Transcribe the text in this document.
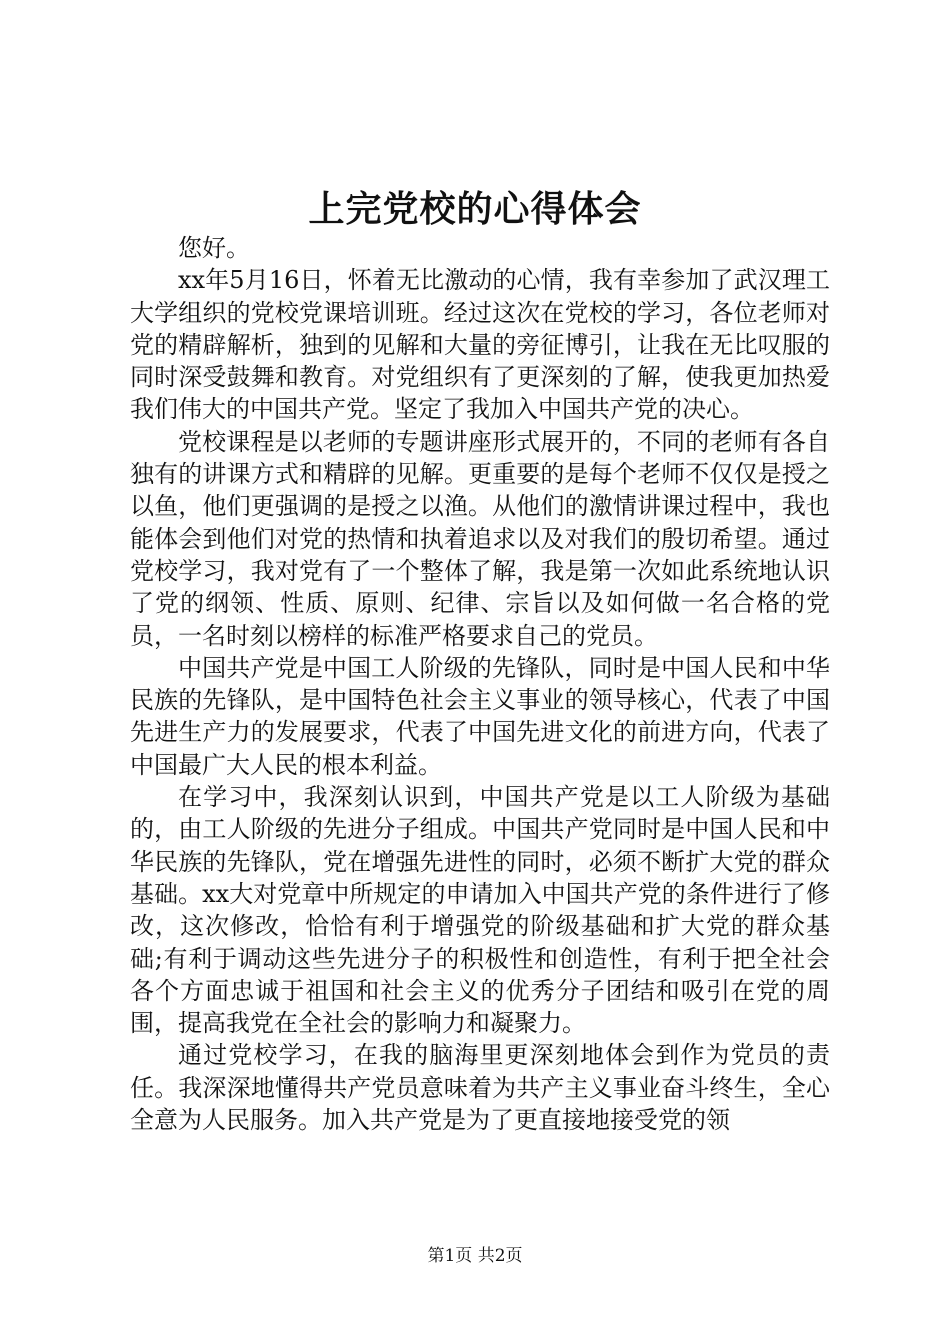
上完党校的心得体会

您好。

xx年5月16日，怀着无比激动的心情，我有幸参加了武汉理工大学组织的党校党课培训班。经过这次在党校的学习，各位老师对党的精辟解析，独到的见解和大量的旁征博引，让我在无比叹服的同时深受鼓舞和教育。对党组织有了更深刻的了解，使我更加热爱我们伟大的中国共产党。坚定了我加入中国共产党的决心。

党校课程是以老师的专题讲座形式展开的，不同的老师有各自独有的讲课方式和精辟的见解。更重要的是每个老师不仅仅是授之以鱼，他们更强调的是授之以渔。从他们的激情讲课过程中，我也能体会到他们对党的热情和执着追求以及对我们的殷切希望。通过党校学习，我对党有了一个整体了解，我是第一次如此系统地认识了党的纲领、性质、原则、纪律、宗旨以及如何做一名合格的党员，一名时刻以榜样的标准严格要求自己的党员。

中国共产党是中国工人阶级的先锋队，同时是中国人民和中华民族的先锋队，是中国特色社会主义事业的领导核心，代表了中国先进生产力的发展要求，代表了中国先进文化的前进方向，代表了中国最广大人民的根本利益。

在学习中，我深刻认识到，中国共产党是以工人阶级为基础的，由工人阶级的先进分子组成。中国共产党同时是中国人民和中华民族的先锋队，党在增强先进性的同时，必须不断扩大党的群众基础。xx大对党章中所规定的申请加入中国共产党的条件进行了修改，这次修改，恰恰有利于增强党的阶级基础和扩大党的群众基础;有利于调动这些先进分子的积极性和创造性，有利于把全社会各个方面忠诚于祖国和社会主义的优秀分子团结和吸引在党的周围，提高我党在全社会的影响力和凝聚力。

通过党校学习，在我的脑海里更深刻地体会到作为党员的责任。我深深地懂得共产党员意味着为共产主义事业奋斗终生，全心全意为人民服务。加入共产党是为了更直接地接受党的领

第1页 共2页
